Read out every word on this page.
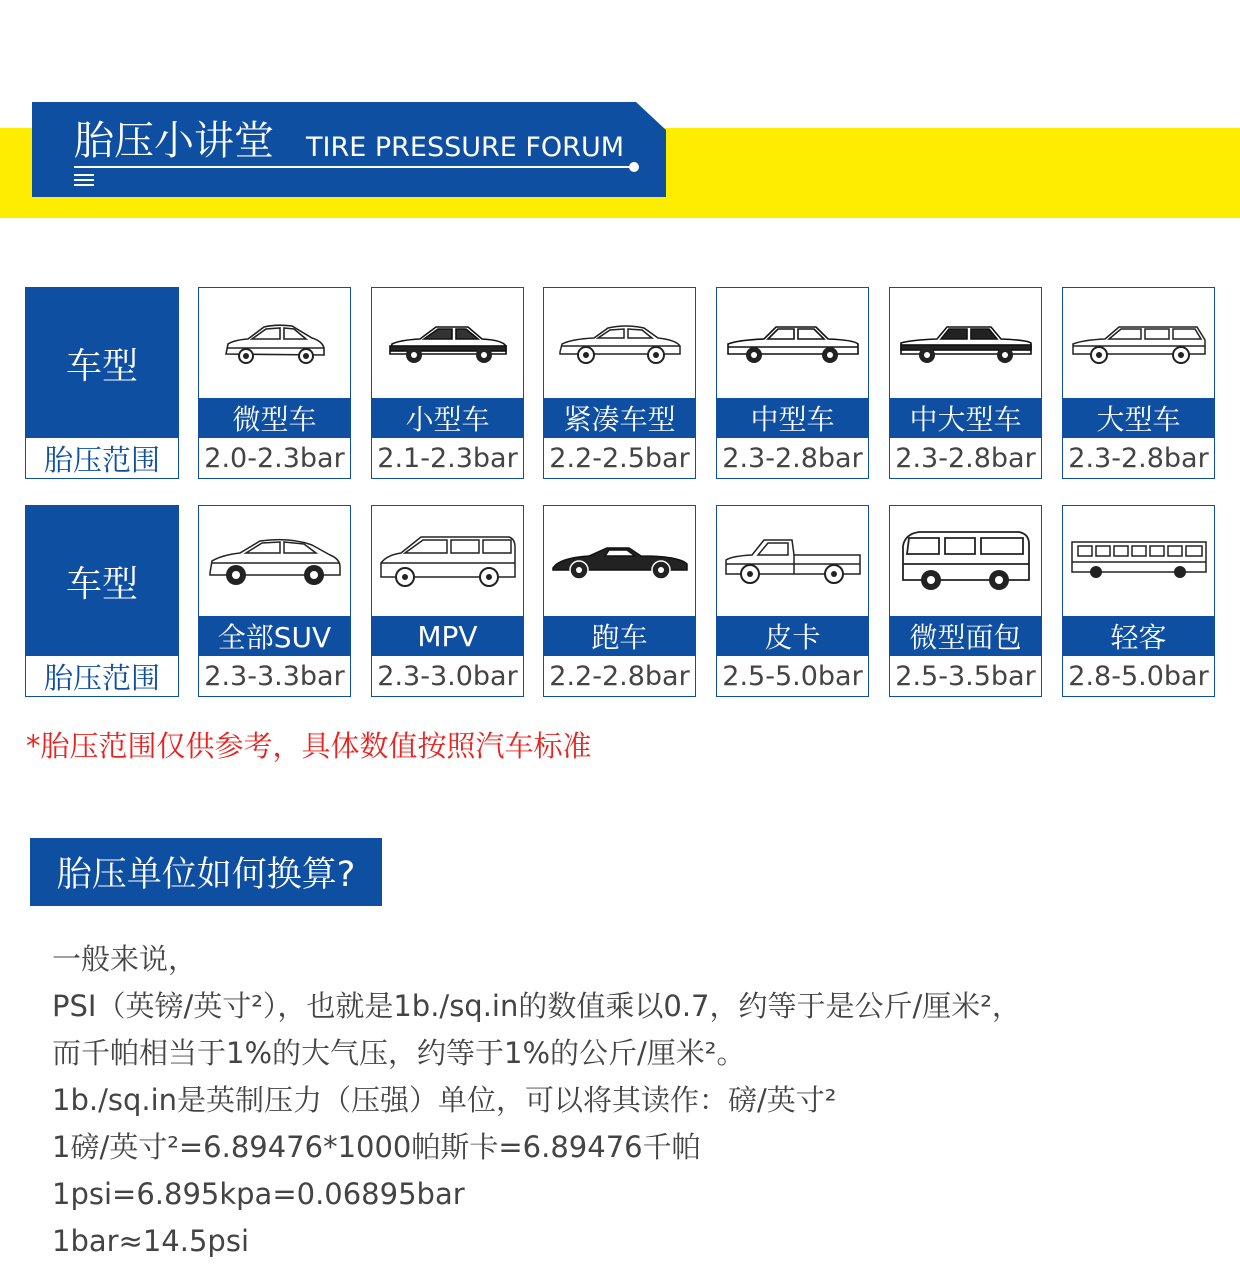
胎压小讲堂 TIRE PRESSURE FORUM
车型
胎压范围
微型车
2.0-2.3bar
小型车
2.1-2.3bar
紧凑车型
2.2-2.5bar
中型车
2.3-2.8bar
中大型车
2.3-2.8bar
大型车
2.3-2.8bar
车型
胎压范围
全部SUV
2.3-3.3bar
MPV
2.3-3.0bar
跑车
2.2-2.8bar
皮卡
2.5-5.0bar
微型面包
2.5-3.5bar
轻客
2.8-5.0bar
*胎压范围仅供参考，具体数值按照汽车标准
胎压单位如何换算?

一般来说，

PSI（英镑/英寸²），也就是1b./sq.in的数值乘以0.7，约等于是公斤/厘米²，

而千帕相当于1%的大气压，约等于1%的公斤/厘米²。

1b./sq.in是英制压力（压强）单位，可以将其读作：磅/英寸²

1磅/英寸²=6.89476*1000帕斯卡=6.89476千帕

1psi=6.895kpa=0.06895bar

1bar≈14.5psi
